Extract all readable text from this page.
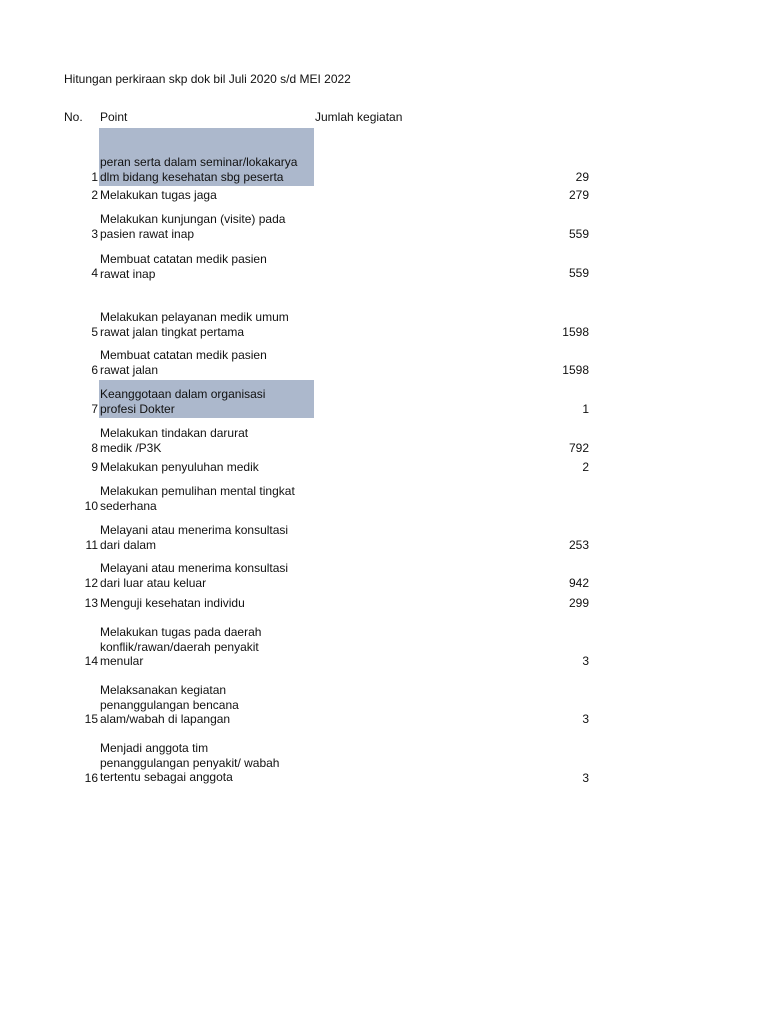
Hitungan perkiraan skp dok bil Juli 2020 s/d MEI 2022
No. Point	Jumlah kegiatan
1
peran serta dalam seminar/lokakarya
dlm bidang kesehatan sbg peserta	29
2 Melakukan tugas jaga	279
3
Melakukan kunjungan (visite) pada
pasien rawat inap	559
4
Membuat catatan medik pasien
rawat inap	559
5
Melakukan pelayanan medik umum
rawat jalan tingkat pertama	1598
6
Membuat catatan medik pasien
rawat jalan	1598
7
Keanggotaan dalam organisasi
profesi Dokter	1
8
Melakukan tindakan darurat
medik /P3K	792
9 Melakukan penyuluhan medik	2
10
Melakukan pemulihan mental tingkat
sederhana
11
Melayani atau menerima konsultasi
dari dalam	253
12
Melayani atau menerima konsultasi
dari luar atau keluar	942
13 Menguji kesehatan individu	299
14
Melakukan tugas pada daerah
konflik/rawan/daerah penyakit
menular	3
15
Melaksanakan kegiatan
penanggulangan bencana
alam/wabah di lapangan	3
16
Menjadi anggota tim
penanggulangan penyakit/ wabah
tertentu sebagai anggota	3
